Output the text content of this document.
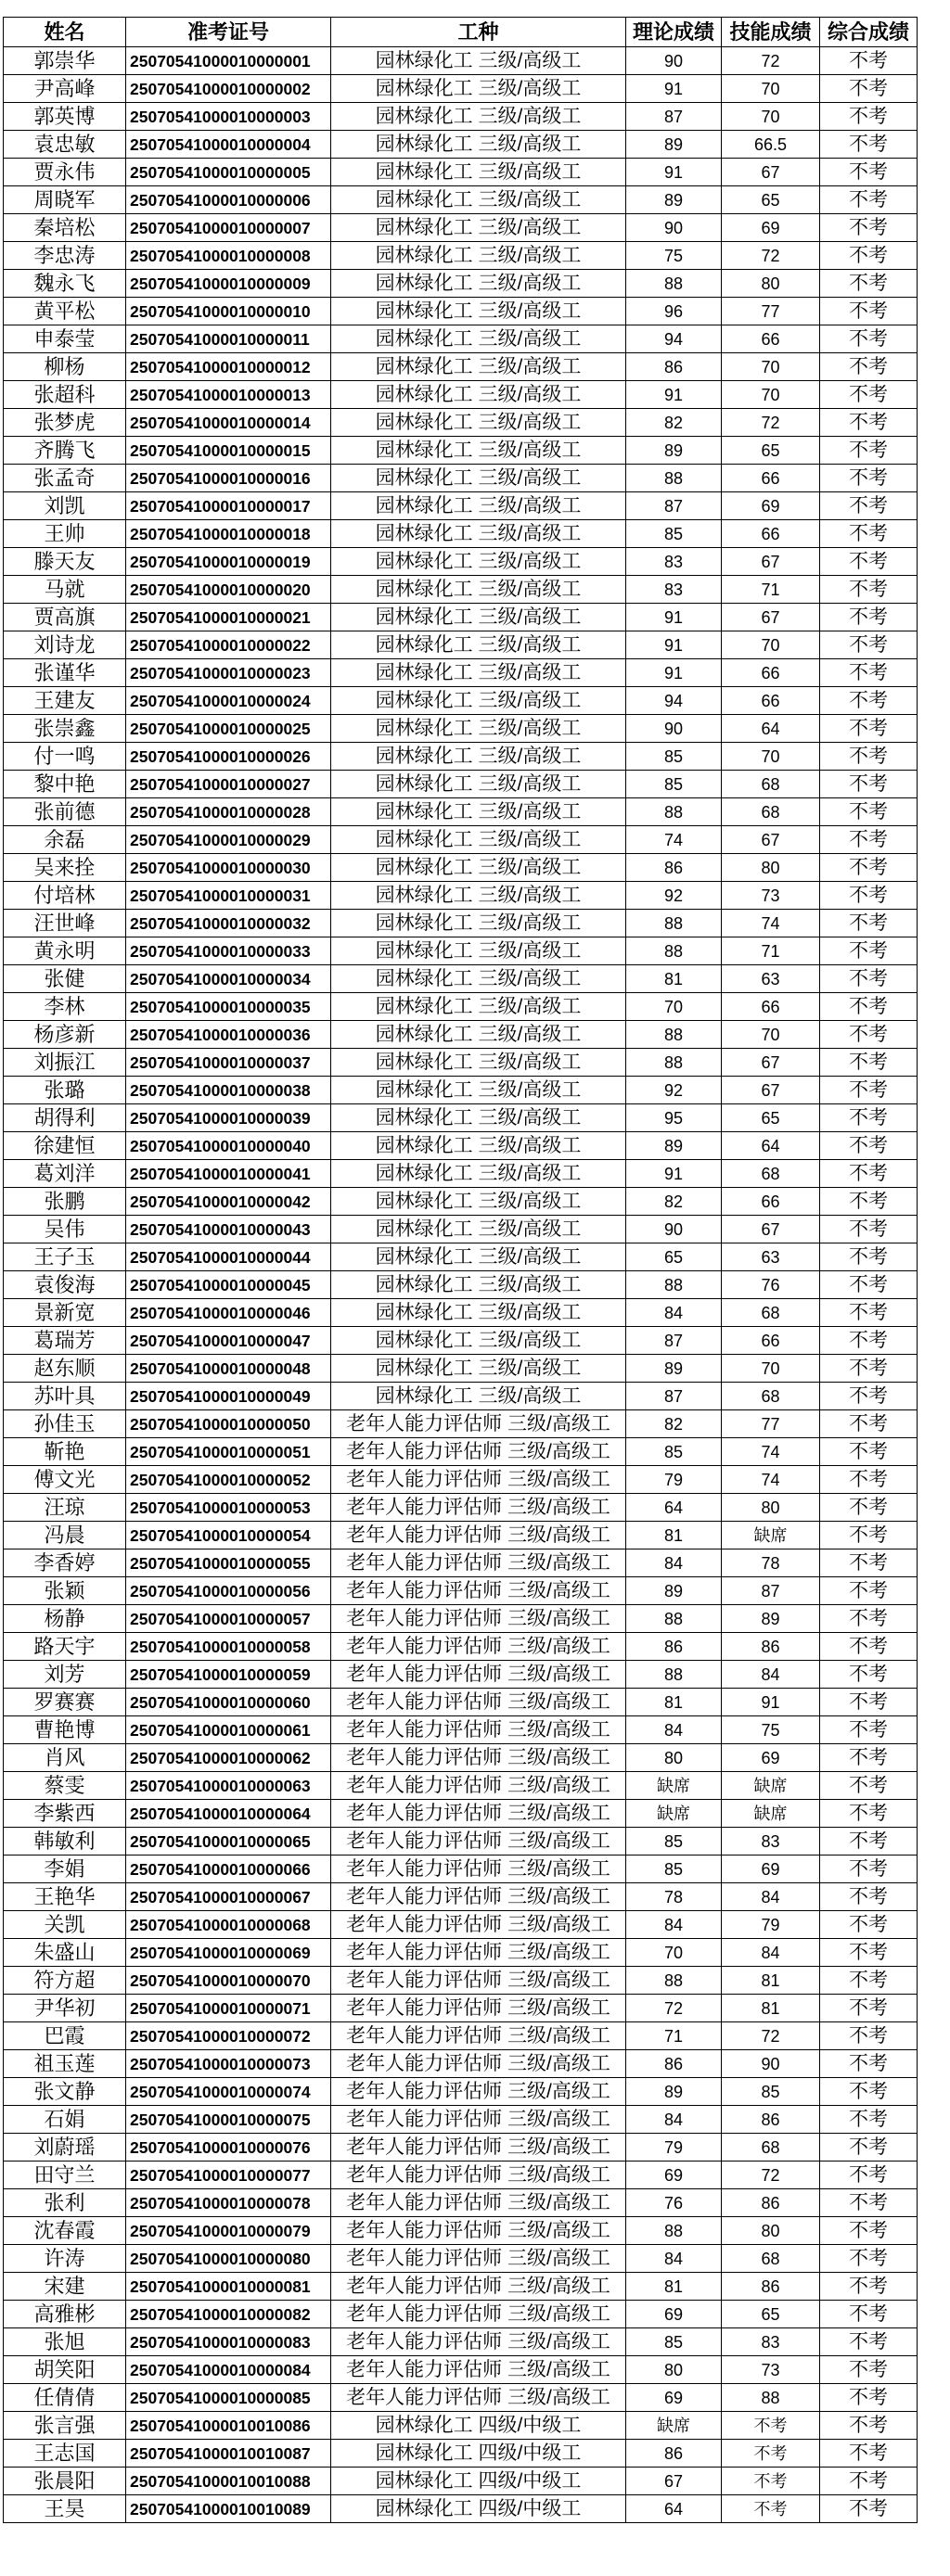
姓名	准考证号	工种	理论成绩	技能成绩	综合成绩
郭崇华	25070541000010000001	园林绿化工 三级/高级工	90	72	不考
尹高峰	25070541000010000002	园林绿化工 三级/高级工	91	70	不考
郭英博	25070541000010000003	园林绿化工 三级/高级工	87	70	不考
袁忠敏	25070541000010000004	园林绿化工 三级/高级工	89	66.5	不考
贾永伟	25070541000010000005	园林绿化工 三级/高级工	91	67	不考
周晓军	25070541000010000006	园林绿化工 三级/高级工	89	65	不考
秦培松	25070541000010000007	园林绿化工 三级/高级工	90	69	不考
李忠涛	25070541000010000008	园林绿化工 三级/高级工	75	72	不考
魏永飞	25070541000010000009	园林绿化工 三级/高级工	88	80	不考
黄平松	25070541000010000010	园林绿化工 三级/高级工	96	77	不考
申泰莹	25070541000010000011	园林绿化工 三级/高级工	94	66	不考
柳杨	25070541000010000012	园林绿化工 三级/高级工	86	70	不考
张超科	25070541000010000013	园林绿化工 三级/高级工	91	70	不考
张梦虎	25070541000010000014	园林绿化工 三级/高级工	82	72	不考
齐腾飞	25070541000010000015	园林绿化工 三级/高级工	89	65	不考
张孟奇	25070541000010000016	园林绿化工 三级/高级工	88	66	不考
刘凯	25070541000010000017	园林绿化工 三级/高级工	87	69	不考
王帅	25070541000010000018	园林绿化工 三级/高级工	85	66	不考
滕天友	25070541000010000019	园林绿化工 三级/高级工	83	67	不考
马就	25070541000010000020	园林绿化工 三级/高级工	83	71	不考
贾高旗	25070541000010000021	园林绿化工 三级/高级工	91	67	不考
刘诗龙	25070541000010000022	园林绿化工 三级/高级工	91	70	不考
张谨华	25070541000010000023	园林绿化工 三级/高级工	91	66	不考
王建友	25070541000010000024	园林绿化工 三级/高级工	94	66	不考
张崇鑫	25070541000010000025	园林绿化工 三级/高级工	90	64	不考
付一鸣	25070541000010000026	园林绿化工 三级/高级工	85	70	不考
黎中艳	25070541000010000027	园林绿化工 三级/高级工	85	68	不考
张前德	25070541000010000028	园林绿化工 三级/高级工	88	68	不考
余磊	25070541000010000029	园林绿化工 三级/高级工	74	67	不考
吴来拴	25070541000010000030	园林绿化工 三级/高级工	86	80	不考
付培林	25070541000010000031	园林绿化工 三级/高级工	92	73	不考
汪世峰	25070541000010000032	园林绿化工 三级/高级工	88	74	不考
黄永明	25070541000010000033	园林绿化工 三级/高级工	88	71	不考
张健	25070541000010000034	园林绿化工 三级/高级工	81	63	不考
李林	25070541000010000035	园林绿化工 三级/高级工	70	66	不考
杨彦新	25070541000010000036	园林绿化工 三级/高级工	88	70	不考
刘振江	25070541000010000037	园林绿化工 三级/高级工	88	67	不考
张璐	25070541000010000038	园林绿化工 三级/高级工	92	67	不考
胡得利	25070541000010000039	园林绿化工 三级/高级工	95	65	不考
徐建恒	25070541000010000040	园林绿化工 三级/高级工	89	64	不考
葛刘洋	25070541000010000041	园林绿化工 三级/高级工	91	68	不考
张鹏	25070541000010000042	园林绿化工 三级/高级工	82	66	不考
吴伟	25070541000010000043	园林绿化工 三级/高级工	90	67	不考
王子玉	25070541000010000044	园林绿化工 三级/高级工	65	63	不考
袁俊海	25070541000010000045	园林绿化工 三级/高级工	88	76	不考
景新宽	25070541000010000046	园林绿化工 三级/高级工	84	68	不考
葛瑞芳	25070541000010000047	园林绿化工 三级/高级工	87	66	不考
赵东顺	25070541000010000048	园林绿化工 三级/高级工	89	70	不考
苏叶具	25070541000010000049	园林绿化工 三级/高级工	87	68	不考
孙佳玉	25070541000010000050	老年人能力评估师 三级/高级工	82	77	不考
靳艳	25070541000010000051	老年人能力评估师 三级/高级工	85	74	不考
傅文光	25070541000010000052	老年人能力评估师 三级/高级工	79	74	不考
汪琼	25070541000010000053	老年人能力评估师 三级/高级工	64	80	不考
冯晨	25070541000010000054	老年人能力评估师 三级/高级工	81	缺席	不考
李香婷	25070541000010000055	老年人能力评估师 三级/高级工	84	78	不考
张颖	25070541000010000056	老年人能力评估师 三级/高级工	89	87	不考
杨静	25070541000010000057	老年人能力评估师 三级/高级工	88	89	不考
路天宇	25070541000010000058	老年人能力评估师 三级/高级工	86	86	不考
刘芳	25070541000010000059	老年人能力评估师 三级/高级工	88	84	不考
罗赛赛	25070541000010000060	老年人能力评估师 三级/高级工	81	91	不考
曹艳博	25070541000010000061	老年人能力评估师 三级/高级工	84	75	不考
肖风	25070541000010000062	老年人能力评估师 三级/高级工	80	69	不考
蔡雯	25070541000010000063	老年人能力评估师 三级/高级工	缺席	缺席	不考
李紫西	25070541000010000064	老年人能力评估师 三级/高级工	缺席	缺席	不考
韩敏利	25070541000010000065	老年人能力评估师 三级/高级工	85	83	不考
李娟	25070541000010000066	老年人能力评估师 三级/高级工	85	69	不考
王艳华	25070541000010000067	老年人能力评估师 三级/高级工	78	84	不考
关凯	25070541000010000068	老年人能力评估师 三级/高级工	84	79	不考
朱盛山	25070541000010000069	老年人能力评估师 三级/高级工	70	84	不考
符方超	25070541000010000070	老年人能力评估师 三级/高级工	88	81	不考
尹华初	25070541000010000071	老年人能力评估师 三级/高级工	72	81	不考
巴霞	25070541000010000072	老年人能力评估师 三级/高级工	71	72	不考
祖玉莲	25070541000010000073	老年人能力评估师 三级/高级工	86	90	不考
张文静	25070541000010000074	老年人能力评估师 三级/高级工	89	85	不考
石娟	25070541000010000075	老年人能力评估师 三级/高级工	84	86	不考
刘蔚瑶	25070541000010000076	老年人能力评估师 三级/高级工	79	68	不考
田守兰	25070541000010000077	老年人能力评估师 三级/高级工	69	72	不考
张利	25070541000010000078	老年人能力评估师 三级/高级工	76	86	不考
沈春霞	25070541000010000079	老年人能力评估师 三级/高级工	88	80	不考
许涛	25070541000010000080	老年人能力评估师 三级/高级工	84	68	不考
宋建	25070541000010000081	老年人能力评估师 三级/高级工	81	86	不考
高雅彬	25070541000010000082	老年人能力评估师 三级/高级工	69	65	不考
张旭	25070541000010000083	老年人能力评估师 三级/高级工	85	83	不考
胡笑阳	25070541000010000084	老年人能力评估师 三级/高级工	80	73	不考
任倩倩	25070541000010000085	老年人能力评估师 三级/高级工	69	88	不考
张言强	25070541000010010086	园林绿化工 四级/中级工	缺席	不考	不考
王志国	25070541000010010087	园林绿化工 四级/中级工	86	不考	不考
张晨阳	25070541000010010088	园林绿化工 四级/中级工	67	不考	不考
王昊	25070541000010010089	园林绿化工 四级/中级工	64	不考	不考
